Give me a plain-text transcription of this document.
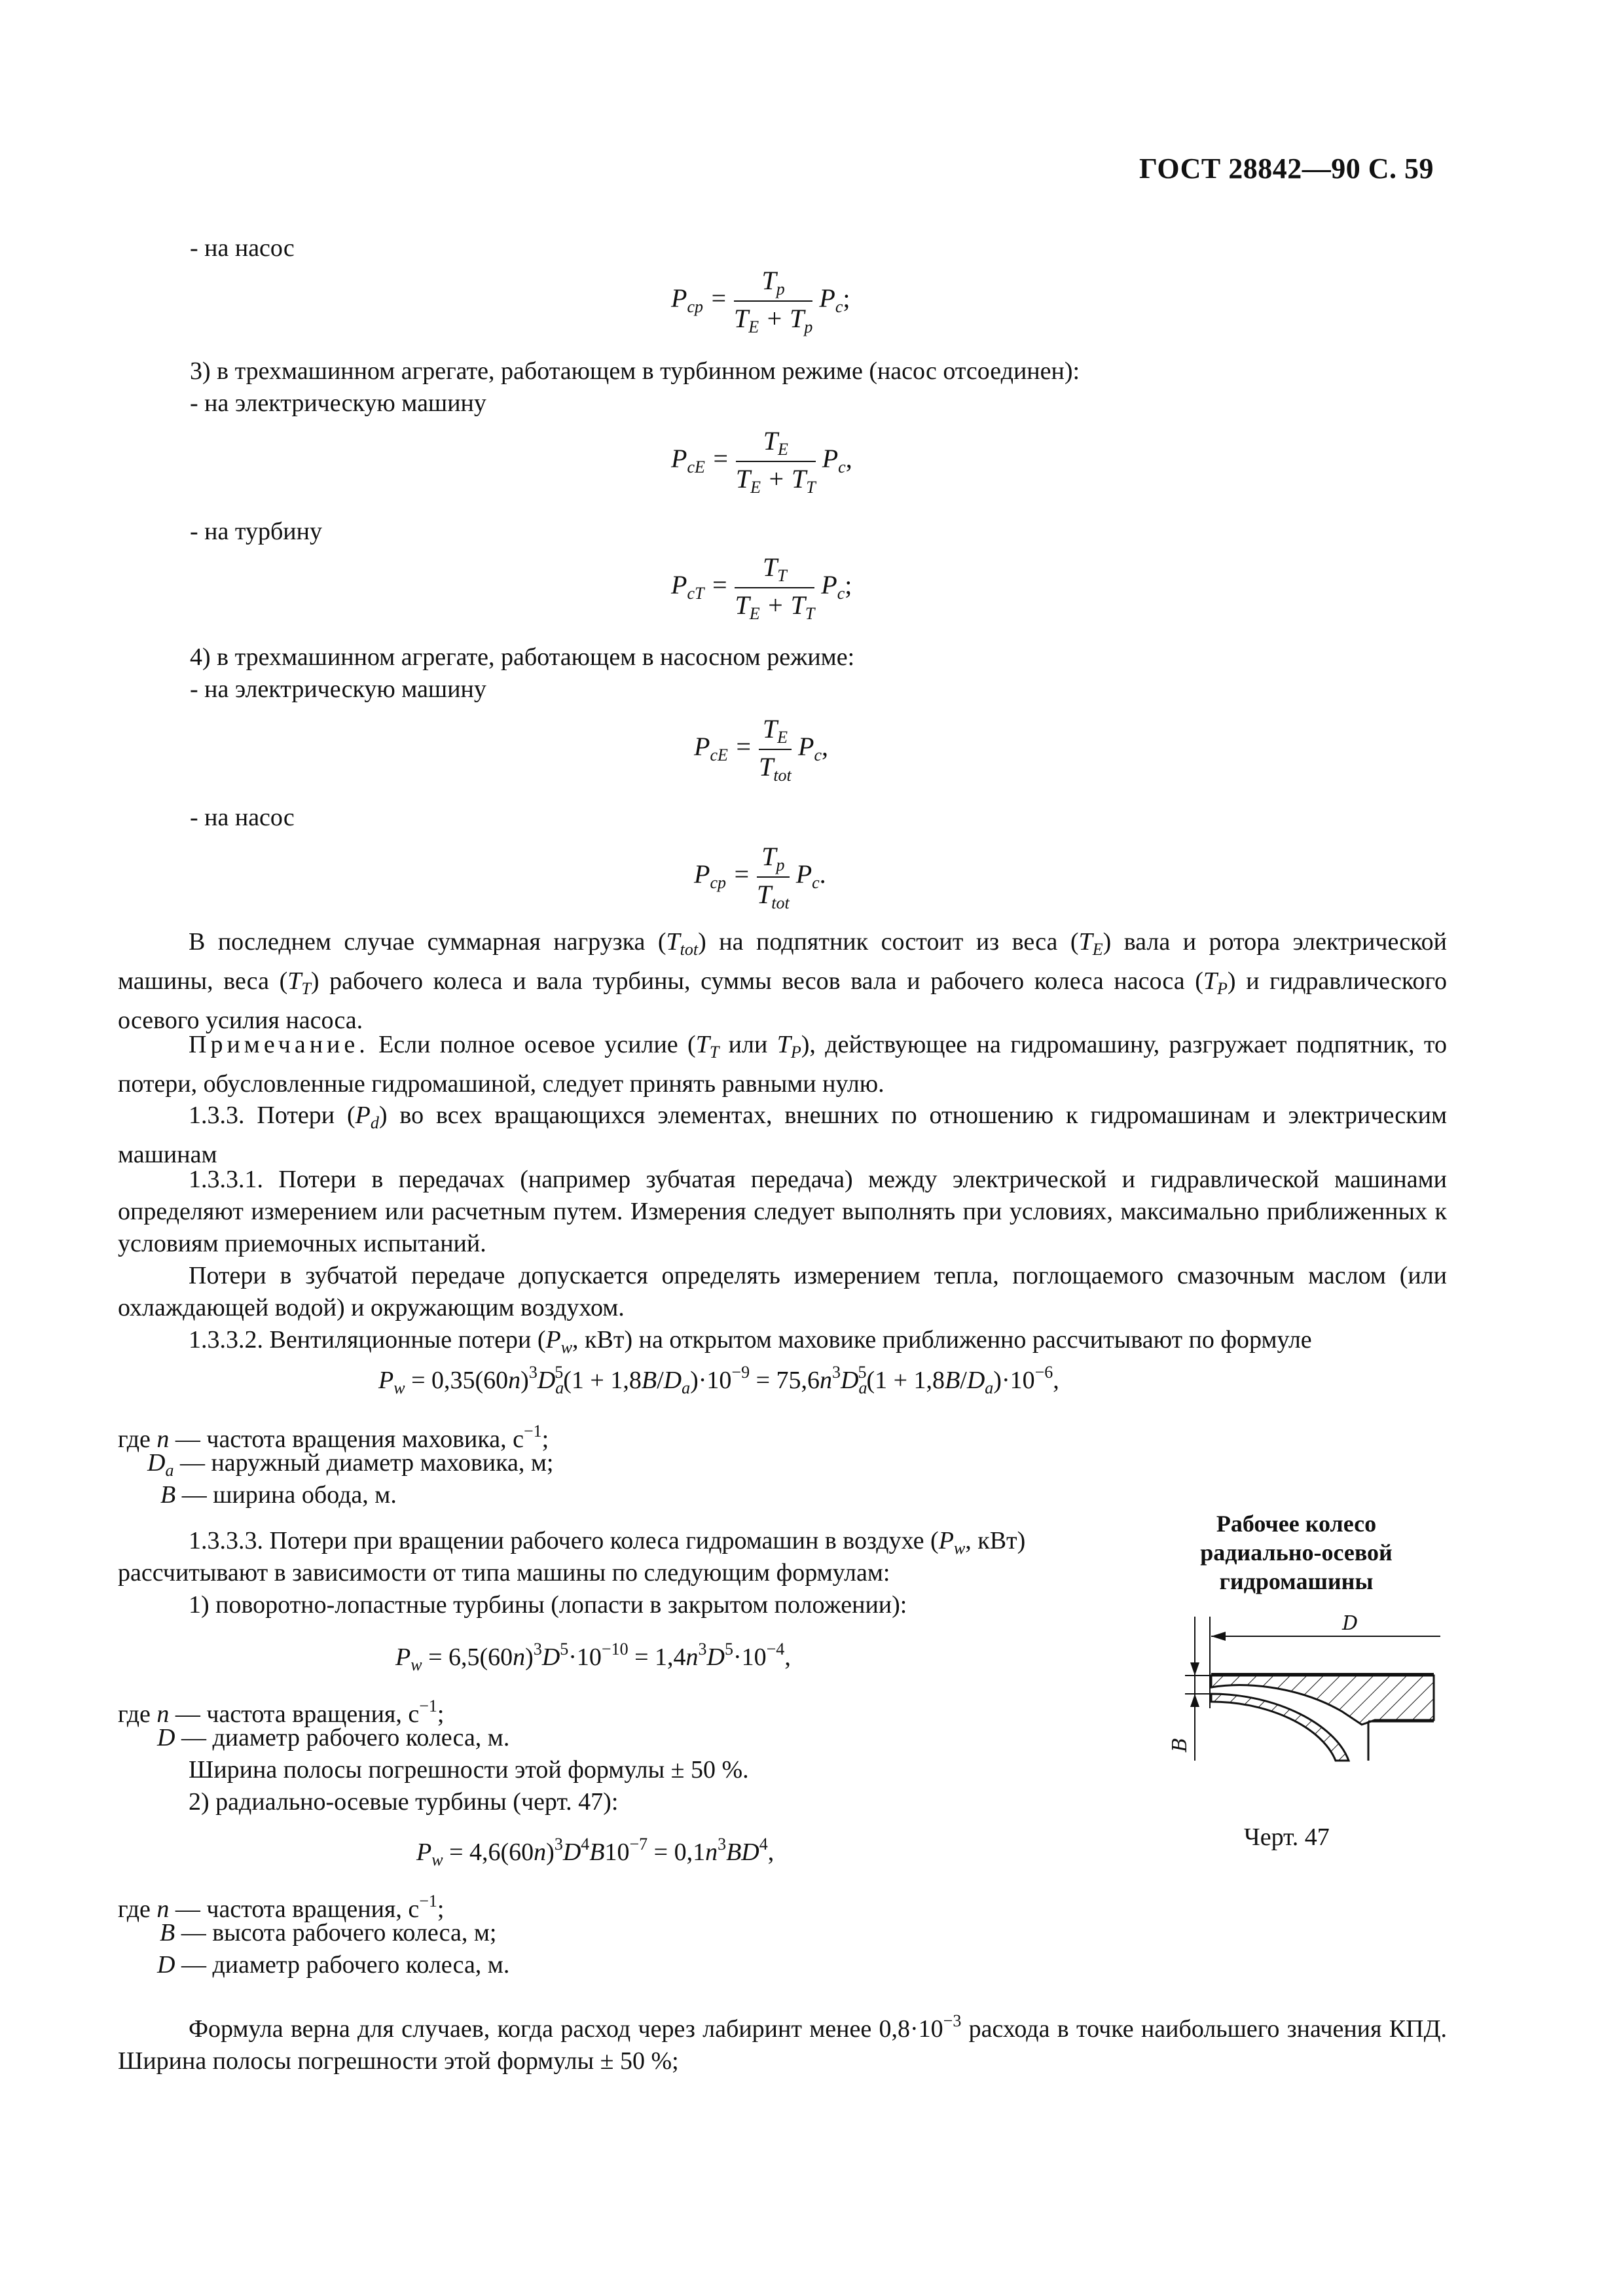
ГОСТ 28842—90 С. 59
- на насос
$P_{cp} = \frac{T_p}{T_E + T_p} P_c$;
3) в трехмашинном агрегате, работающем в турбинном режиме (насос отсоединен):
- на электрическую машину
$P_{cE} = \frac{T_E}{T_E + T_T} P_c$,
- на турбину
$P_{cT} = \frac{T_T}{T_E + T_T} P_c$;
4) в трехмашинном агрегате, работающем в насосном режиме:
- на электрическую машину
$P_{cE} = \frac{T_E}{T_{tot}} P_c$,
- на насос
$P_{cp} = \frac{T_p}{T_{tot}} P_c$.
В последнем случае суммарная нагрузка $(T_{tot})$ на подпятник состоит из веса $(T_E)$ вала и ротора электрической машины, веса $(T_T)$ рабочего колеса и вала турбины, суммы весов вала и рабочего колеса насоса $(T_P)$ и гидравлического осевого усилия насоса.
Примечание. Если полное осевое усилие ($T_T$ или $T_P$), действующее на гидромашину, разгружает подпятник, то потери, обусловленные гидромашиной, следует принять равными нулю.
1.3.3. Потери $(P_d)$ во всех вращающихся элементах, внешних по отношению к гидромашинам и электрическим машинам
1.3.3.1. Потери в передачах (например зубчатая передача) между электрической и гидравлической машинами определяют измерением или расчетным путем. Измерения следует выполнять при условиях, максимально приближенных к условиям приемочных испытаний.
Потери в зубчатой передаче допускается определять измерением тепла, поглощаемого смазочным маслом (или охлаждающей водой) и окружающим воздухом.
1.3.3.2. Вентиляционные потери ($P_w$, кВт) на открытом маховике приближенно рассчитывают по формуле
$P_w = 0,35(60n)^3D_a^5(1 + 1,8B/D_a)\cdot 10^{-9} = 75,6n^3D_a^5(1 + 1,8B/D_a)\cdot 10^{-6}$,
где n — частота вращения маховика, $с^{-1}$;
$D_a$ — наружный диаметр маховика, м;
B — ширина обода, м.
1.3.3.3. Потери при вращении рабочего колеса гидромашин в воздухе ($P_w$, кВт)
рассчитывают в зависимости от типа машины по следующим формулам:
1) поворотно-лопастные турбины (лопасти в закрытом положении):
$P_w = 6,5(60n)^3D^5\cdot 10^{-10} = 1,4n^3D^5\cdot 10^{-4}$,
где n — частота вращения, $с^{-1}$;
D — диаметр рабочего колеса, м.
Ширина полосы погрешности этой формулы ± 50 %.
2) радиально-осевые турбины (черт. 47):
$P_w = 4,6(60n)^3D^4B10^{-7} = 0,1n^3BD^4$,
где n — частота вращения, $с^{-1}$;
B — высота рабочего колеса, м;
D — диаметр рабочего колеса, м.
Формула верна для случаев, когда расход через лабиринт менее $0,8\cdot 10^{-3}$ расхода в точке наибольшего значения КПД. Ширина полосы погрешности этой формулы ± 50 %;
Рабочее колесо
радиально-осевой
гидромашины
D
B
Черт. 47
